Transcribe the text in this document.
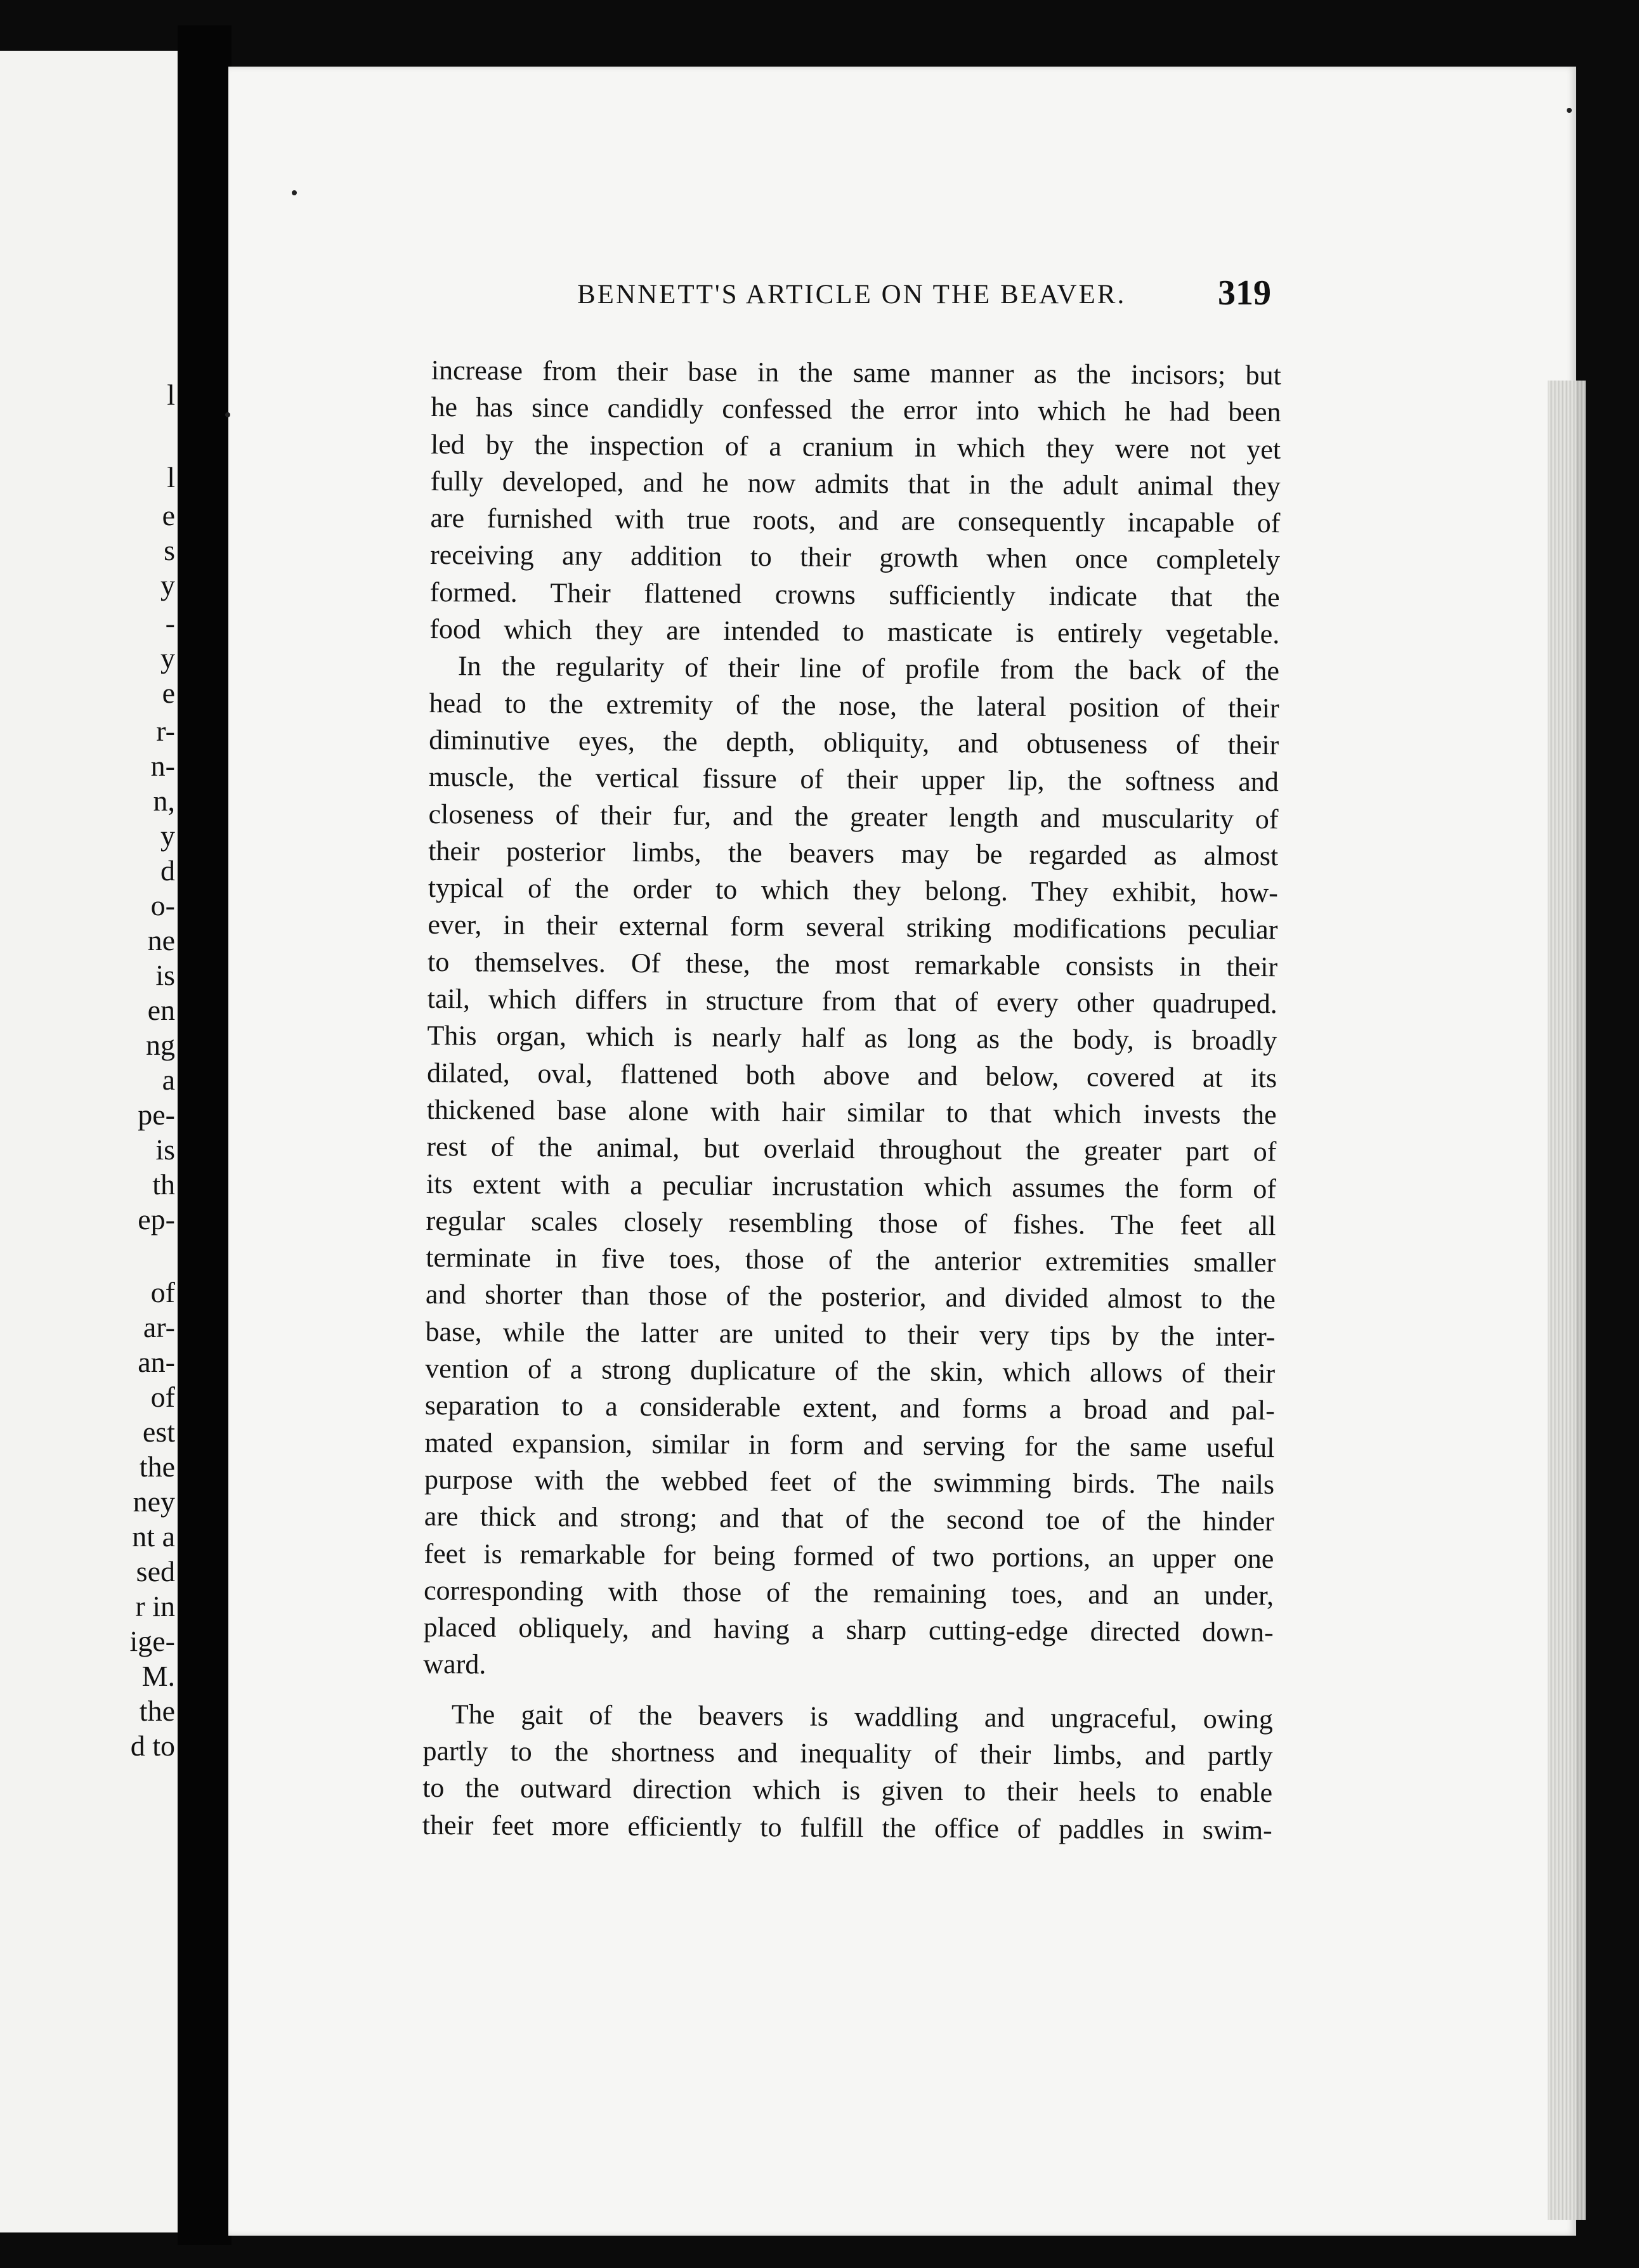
l
l
e
s
y
-
y
e
r-
n-
n,
y
d
o-
ne
is
en
ng
a
pe-
is
th
ep-
of
ar-
an-
of
est
the
ney
nt a
sed
r in
ige-
M.
the
d to
BENNETT'S ARTICLE ON THE BEAVER.	319
increase from their base in the same manner as the incisors; but
he has since candidly confessed the error into which he had been
led by the inspection of a cranium in which they were not yet
fully developed, and he now admits that in the adult animal they
are furnished with true roots, and are consequently incapable of
receiving any addition to their growth when once completely
formed. Their flattened crowns sufficiently indicate that the
food which they are intended to masticate is entirely vegetable.
In the regularity of their line of profile from the back of the
head to the extremity of the nose, the lateral position of their
diminutive eyes, the depth, obliquity, and obtuseness of their
muscle, the vertical fissure of their upper lip, the softness and
closeness of their fur, and the greater length and muscularity of
their posterior limbs, the beavers may be regarded as almost
typical of the order to which they belong. They exhibit, how-
ever, in their external form several striking modifications peculiar
to themselves. Of these, the most remarkable consists in their
tail, which differs in structure from that of every other quadruped.
This organ, which is nearly half as long as the body, is broadly
dilated, oval, flattened both above and below, covered at its
thickened base alone with hair similar to that which invests the
rest of the animal, but overlaid throughout the greater part of
its extent with a peculiar incrustation which assumes the form of
regular scales closely resembling those of fishes. The feet all
terminate in five toes, those of the anterior extremities smaller
and shorter than those of the posterior, and divided almost to the
base, while the latter are united to their very tips by the inter-
vention of a strong duplicature of the skin, which allows of their
separation to a considerable extent, and forms a broad and pal-
mated expansion, similar in form and serving for the same useful
purpose with the webbed feet of the swimming birds. The nails
are thick and strong; and that of the second toe of the hinder
feet is remarkable for being formed of two portions, an upper one
corresponding with those of the remaining toes, and an under,
placed obliquely, and having a sharp cutting-edge directed down-
ward.
The gait of the beavers is waddling and ungraceful, owing
partly to the shortness and inequality of their limbs, and partly
to the outward direction which is given to their heels to enable
their feet more efficiently to fulfill the office of paddles in swim-
